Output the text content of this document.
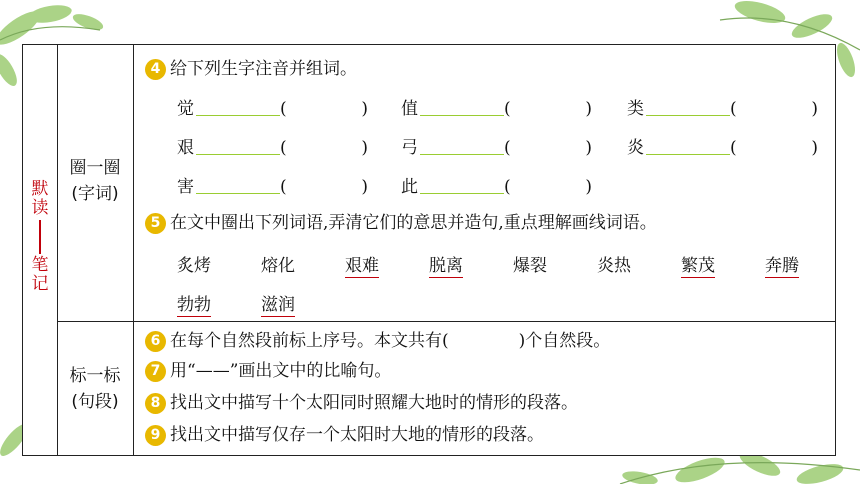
默
读
笔
记
圈一圈
(字词)
标一标
(句段)
4 给下列生字注音并组词。
觉	(	) 值	(	) 类	(	)
艰	(	) 弓	(	) 炎	(	)
害	(	) 此	(	)
5 在文中圈出下列词语,弄清它们的意思并造句,重点理解画线词语。
炙烤	熔化	艰难	脱离	爆裂	炎热	繁茂	奔腾
勃勃	滋润
6 在每个自然段前标上序号。本文共有(	)个自然段。
7 用“——”画出文中的比喻句。
8 找出文中描写十个太阳同时照耀大地时的情形的段落。
9 找出文中描写仅存一个太阳时大地的情形的段落。
